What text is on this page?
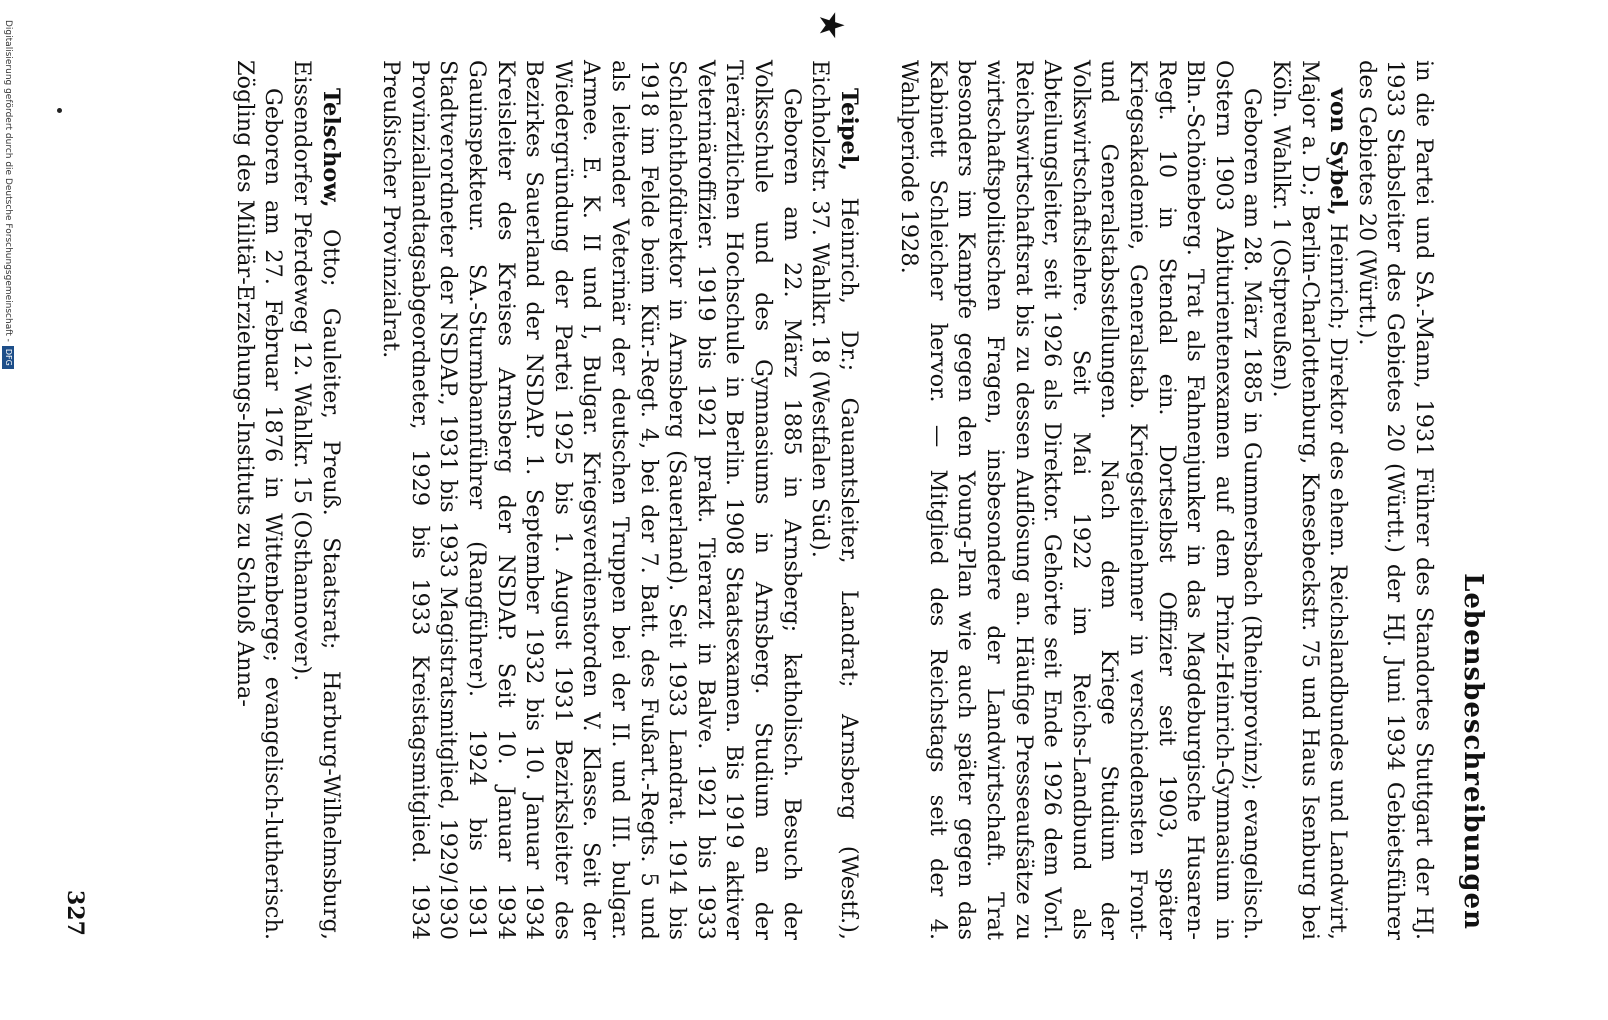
Lebensbeschreibungen

in die Partei und SA.-Mann, 1931 Führer des Standortes Stuttgart der HJ. 1933 Stabsleiter des Gebietes 20 (Württ.) der HJ. Juni 1934 Gebietsführer des Gebietes 20 (Württ.).

von Sybel, Heinrich; Direktor des ehem. Reichslandbundes und Landwirt, Major a. D.; Berlin-Charlottenburg, Knesebeckstr. 75 und Haus Isenburg bei Köln. Wahlkr. 1 (Ostpreußen).

Geboren am 28. März 1885 in Gummersbach (Rheinprovinz); evangelisch. Ostern 1903 Abiturientenexamen auf dem Prinz-Heinrich-Gymnasium in Bln.-Schöneberg. Trat als Fahnenjunker in das Magdeburgische Husaren-Regt. 10 in Stendal ein. Dortselbst Offizier seit 1903, später Kriegsakademie, Generalstab. Kriegsteilnehmer in verschiedensten Front- und Generalstabsstellungen. Nach dem Kriege Studium der Volkswirtschaftslehre. Seit Mai 1922 im Reichs-Landbund als Abteilungsleiter, seit 1926 als Direktor. Gehörte seit Ende 1926 dem Vorl. Reichswirtschaftsrat bis zu dessen Auflösung an. Häufige Presseaufsätze zu wirtschaftspolitischen Fragen, insbesondere der Landwirtschaft. Trat besonders im Kampfe gegen den Young-Plan wie auch später gegen das Kabinett Schleicher hervor. — Mitglied des Reichstags seit der 4. Wahlperiode 1928.

Teipel, Heinrich, Dr.; Gauamtsleiter, Landrat; Arnsberg (Westf.), Eichholzstr. 37. Wahlkr. 18 (Westfalen Süd).

Geboren am 22. März 1885 in Arnsberg; katholisch. Besuch der Volksschule und des Gymnasiums in Arnsberg. Studium an der Tierärztlichen Hochschule in Berlin. 1908 Staatsexamen. Bis 1919 aktiver Veterinäroffizier. 1919 bis 1921 prakt. Tierarzt in Balve. 1921 bis 1933 Schlachthofdirektor in Arnsberg (Sauerland). Seit 1933 Landrat. 1914 bis 1918 im Felde beim Kür.-Regt. 4, bei der 7. Batt. des Fußart.-Regts. 5 und als leitender Veterinär der deutschen Truppen bei der II. und III. bulgar. Armee. E. K. II und I, Bulgar. Kriegsverdienstorden V. Klasse. Seit der Wiedergründung der Partei 1925 bis 1. August 1931 Bezirksleiter des Bezirkes Sauerland der NSDAP. 1. September 1932 bis 10. Januar 1934 Kreisleiter des Kreises Arnsberg der NSDAP. Seit 10. Januar 1934 Gauinspekteur. SA.-Sturmbannführer (Rangführer). 1924 bis 1931 Stadtverordneter der NSDAP., 1931 bis 1933 Magistratsmitglied, 1929/1930 Provinziallandtagsabgeordneter, 1929 bis 1933 Kreistagsmitglied. 1934 Preußischer Provinzialrat.

Telschow, Otto; Gauleiter, Preuß. Staatsrat; Harburg-Wilhelmsburg, Eissendorfer Pferdeweg 12. Wahlkr. 15 (Osthannover).

Geboren am 27. Februar 1876 in Wittenberge; evangelisch-lutherisch. Zögling des Militär-Erziehungs-Instituts zu Schloß Anna-

★
327
Digitalisierung gefördert durch die Deutsche Forschungsgemeinschaft -DFG
